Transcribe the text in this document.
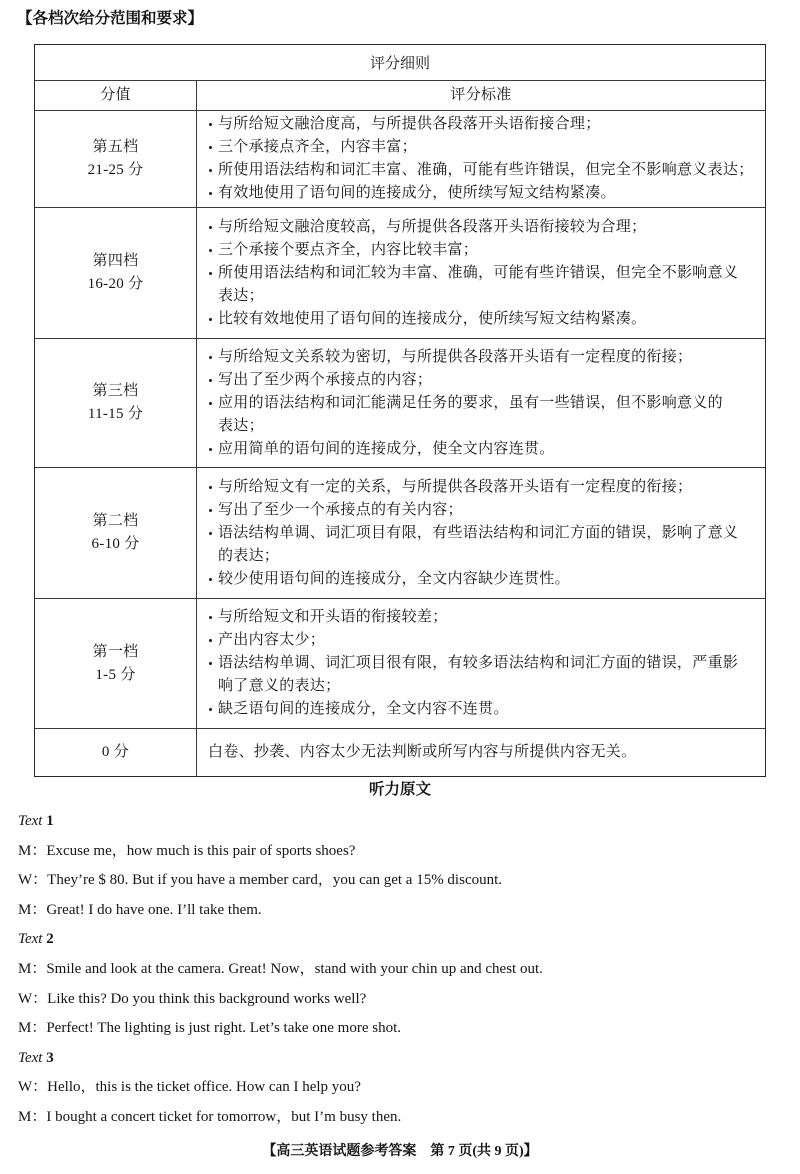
【各档次给分范围和要求】
评分细则
分值	评分标准
第五档
21-25 分
与所给短文融洽度高，与所提供各段落开头语衔接合理；
三个承接点齐全，内容丰富；
所使用语法结构和词汇丰富、准确，可能有些许错误，但完全不影响意义表达；
有效地使用了语句间的连接成分，使所续写短文结构紧凑。
第四档
16-20 分
与所给短文融洽度较高，与所提供各段落开头语衔接较为合理；
三个承接个要点齐全，内容比较丰富；
所使用语法结构和词汇较为丰富、准确，可能有些许错误，但完全不影响意义
表达；
比较有效地使用了语句间的连接成分，使所续写短文结构紧凑。
第三档
11-15 分
与所给短文关系较为密切，与所提供各段落开头语有一定程度的衔接；
写出了至少两个承接点的内容；
应用的语法结构和词汇能满足任务的要求，虽有一些错误，但不影响意义的
表达；
应用简单的语句间的连接成分，使全文内容连贯。
第二档
6-10 分
与所给短文有一定的关系，与所提供各段落开头语有一定程度的衔接；
写出了至少一个承接点的有关内容；
语法结构单调、词汇项目有限，有些语法结构和词汇方面的错误，影响了意义
的表达；
较少使用语句间的连接成分，全文内容缺少连贯性。
第一档
1-5 分
与所给短文和开头语的衔接较差；
产出内容太少；
语法结构单调、词汇项目很有限，有较多语法结构和词汇方面的错误，严重影
响了意义的表达；
缺乏语句间的连接成分，全文内容不连贯。
0 分	白卷、抄袭、内容太少无法判断或所写内容与所提供内容无关。
听力原文
Text 1
M：Excuse me，how much is this pair of sports shoes?
W：They’re $ 80. But if you have a member card，you can get a 15% discount.
M：Great! I do have one. I’ll take them.
Text 2
M：Smile and look at the camera. Great! Now，stand with your chin up and chest out.
W：Like this? Do you think this background works well?
M：Perfect! The lighting is just right. Let’s take one more shot.
Text 3
W：Hello，this is the ticket office. How can I help you?
M：I bought a concert ticket for tomorrow，but I’m busy then.
【高三英语试题参考答案　第 7 页(共 9 页)】
